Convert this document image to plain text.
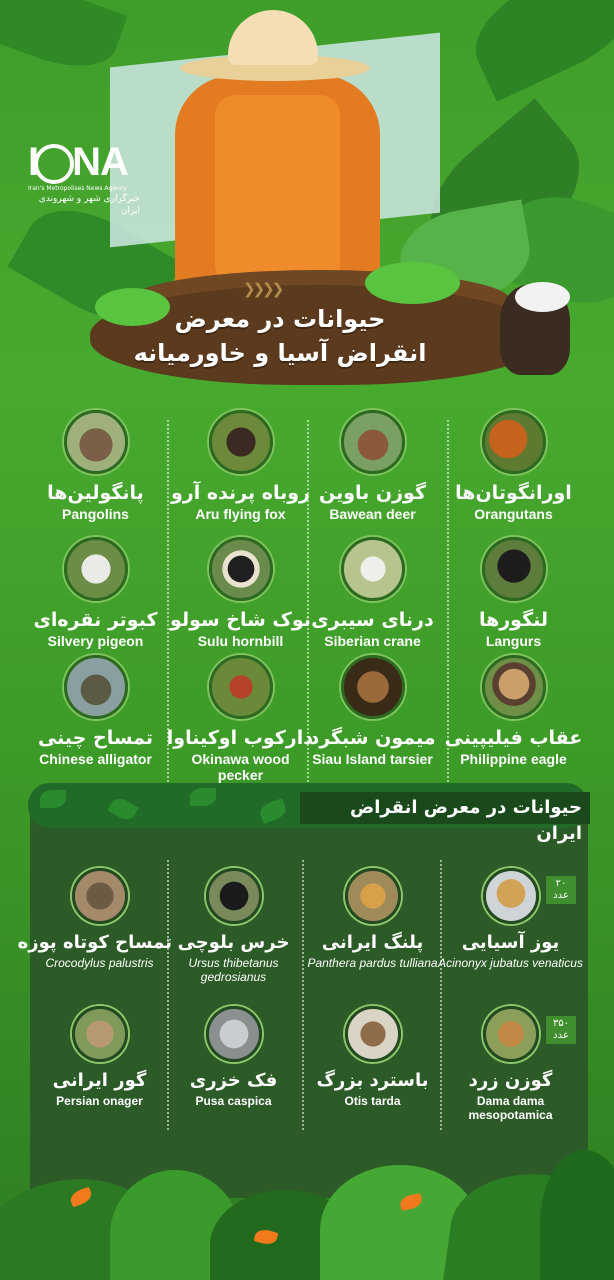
❯❯❯❯
I NA
Iran's Metropolises News Agency
خبرگزاری شهر و شهروندی ایران
حیوانات در معرض
انقراض آسیا و خاورمیانه
اورانگوتان‌ها
Orangutans
گوزن باوین
Bawean deer
روباه پرنده آرو
Aru flying fox
پانگولین‌ها
Pangolins
لنگورها
Langurs
درنای سیبری
Siberian crane
نوک شاخ سولو
Sulu hornbill
کبوتر نقره‌ای
Silvery pigeon
عقاب فیلیپینی
Philippine eagle
میمون شبگرد
Siau Island tarsier
دارکوب اوکیناوا
Okinawa wood pecker
تمساح چینی
Chinese alligator
حیوانات در معرض انقراض ایران
یوز آسیایی
Acinonyx jubatus venaticus
۲۰
عدد
پلنگ ایرانی
Panthera pardus tulliana
خرس بلوچی
Ursus thibetanus gedrosianus
تمساح کوتاه پوزه
Crocodylus palustris
گوزن زرد
Dama dama mesopotamica
۳۵۰
عدد
باسترد بزرگ
Otis tarda
فک خزری
Pusa caspica
گور ایرانی
Persian onager
